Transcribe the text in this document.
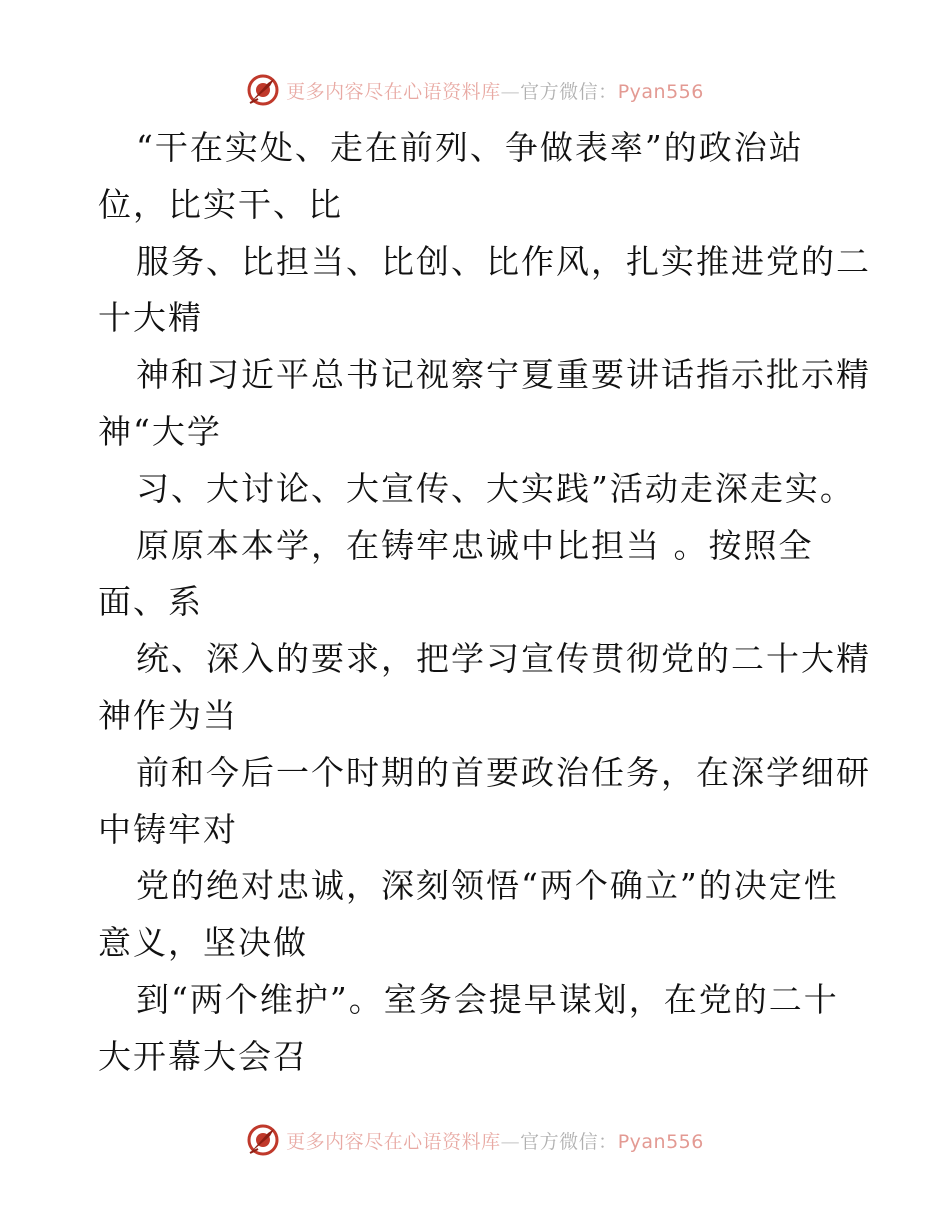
更多内容尽在心语资料库—官方微信：Pyan556
“干在实处、走在前列、争做表率”的政治站
位，比实干、比
服务、比担当、比创、比作风，扎实推进党的二
十大精
神和习近平总书记视察宁夏重要讲话指示批示精
神“大学
习、大讨论、大宣传、大实践”活动走深走实。
原原本本学，在铸牢忠诚中比担当 。按照全
面、系
统、深入的要求，把学习宣传贯彻党的二十大精
神作为当
前和今后一个时期的首要政治任务，在深学细研
中铸牢对
党的绝对忠诚，深刻领悟“两个确立”的决定性
意义，坚决做
到“两个维护”。室务会提早谋划，在党的二十
大开幕大会召
更多内容尽在心语资料库—官方微信：Pyan556
